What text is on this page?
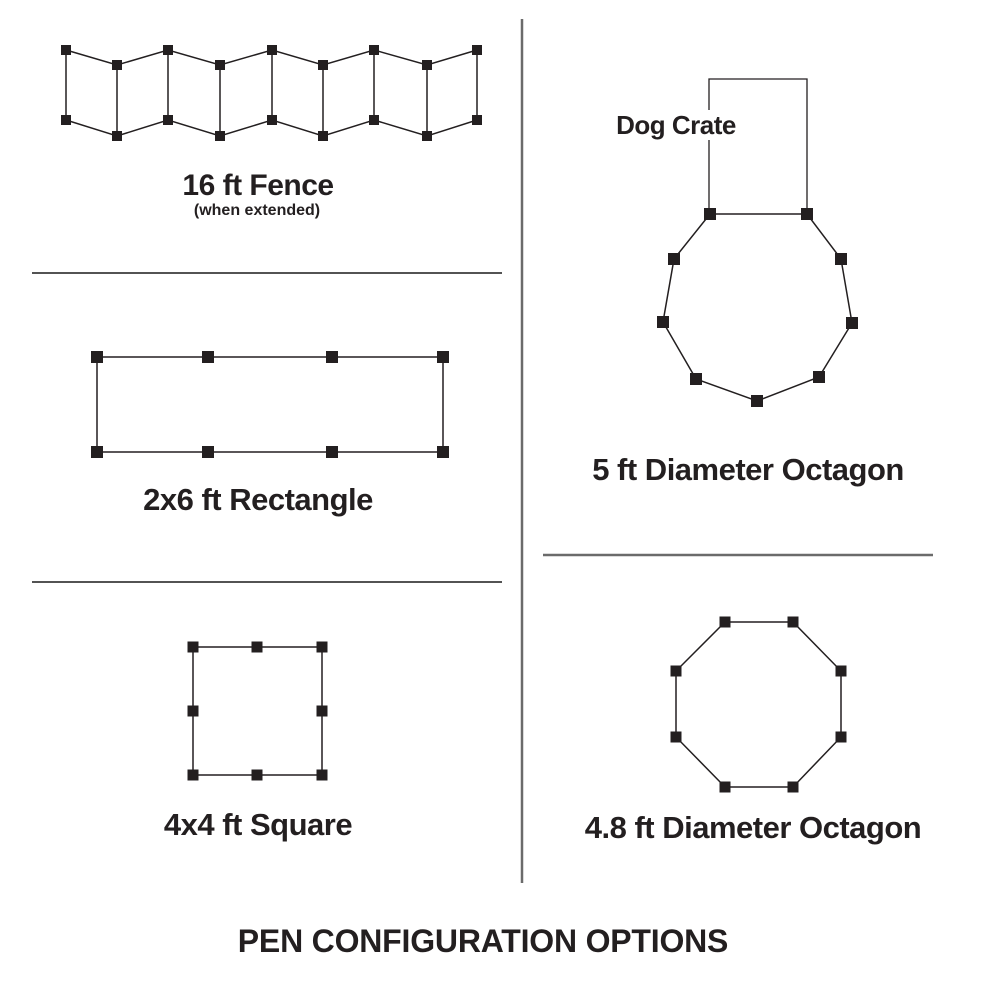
16 ft Fence
(when extended)
2x6 ft Rectangle
4x4 ft Square
Dog Crate
5 ft Diameter Octagon
4.8 ft Diameter Octagon
PEN CONFIGURATION OPTIONS
